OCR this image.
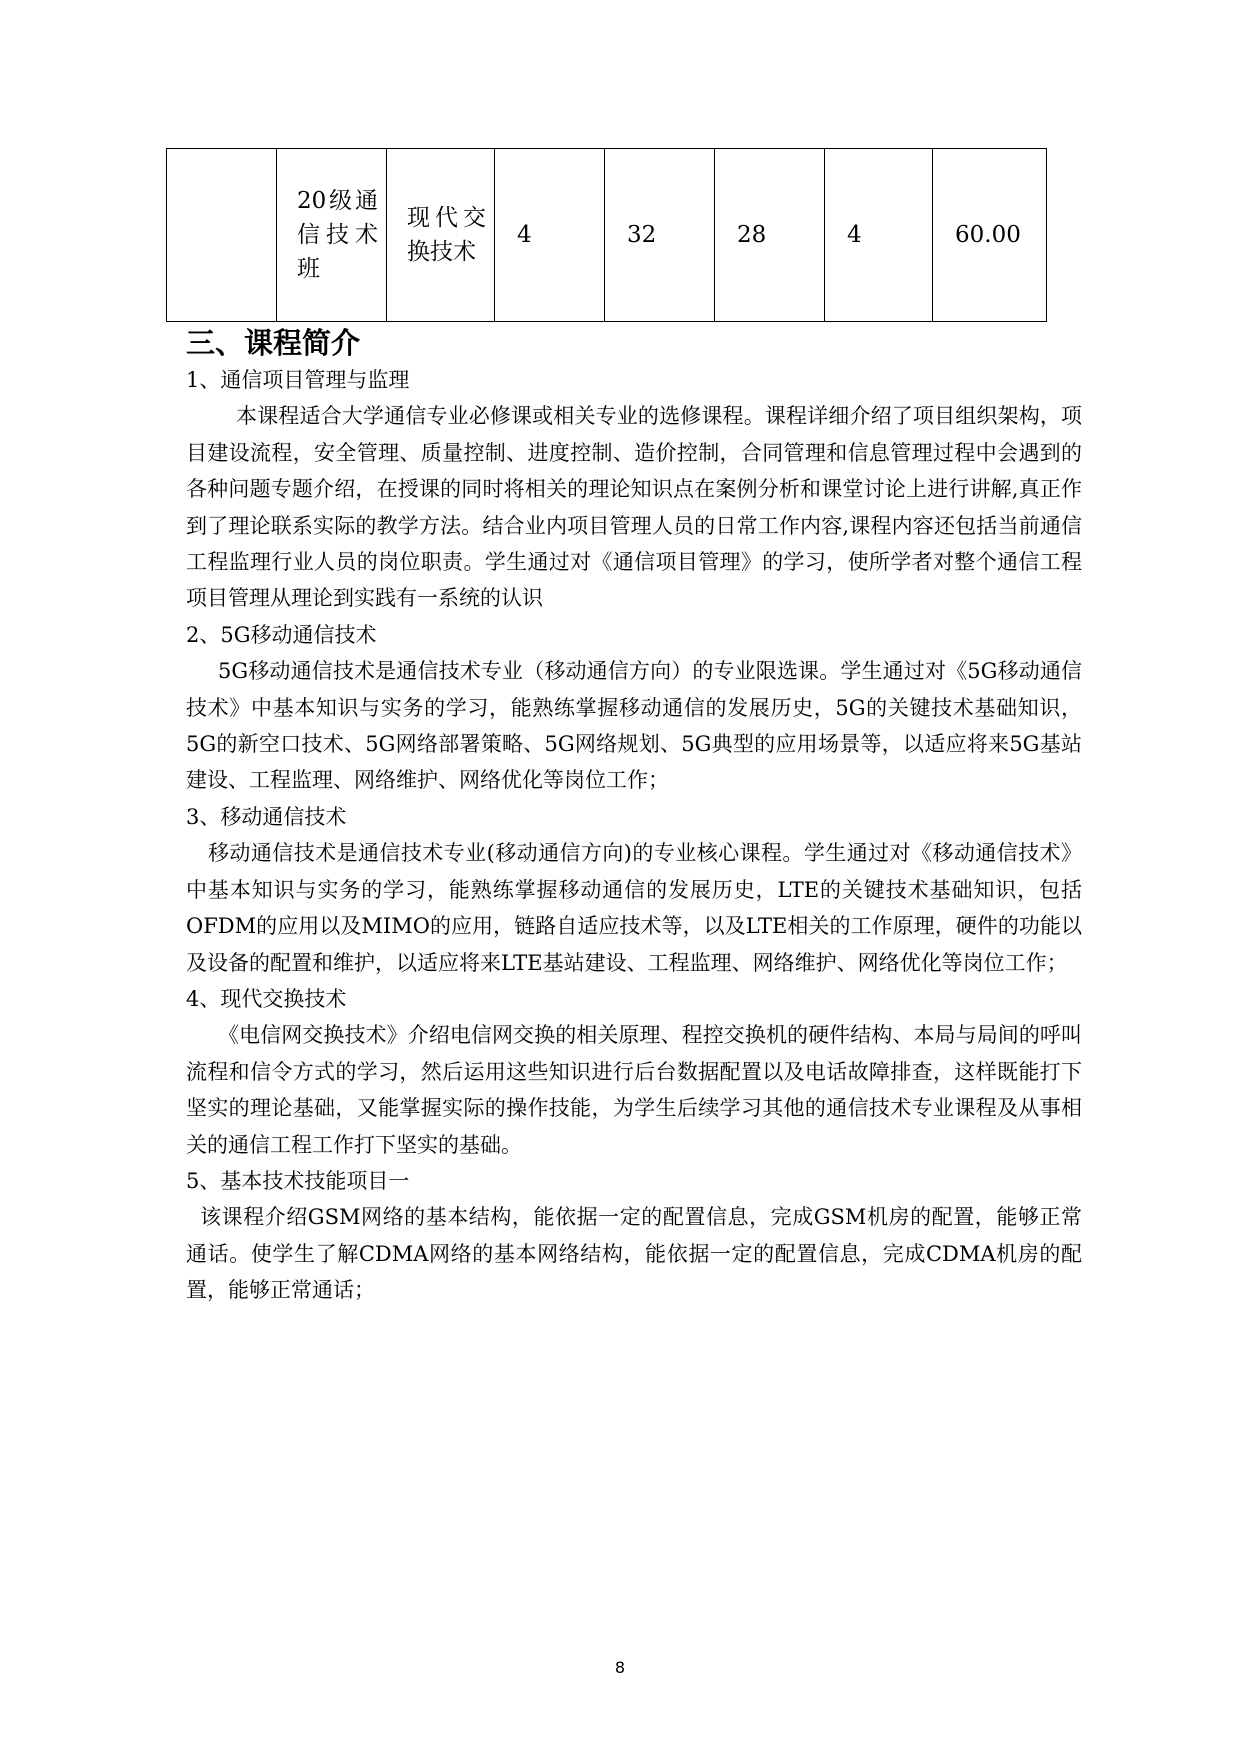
	20级通信技术班	现代交换技术	4	32	28	4	60.00
三、课程简介

1、通信项目管理与监理

本课程适合大学通信专业必修课或相关专业的选修课程。课程详细介绍了项目组织架构，项目建设流程，安全管理、质量控制、进度控制、造价控制，合同管理和信息管理过程中会遇到的各种问题专题介绍，在授课的同时将相关的理论知识点在案例分析和课堂讨论上进行讲解,真正作到了理论联系实际的教学方法。结合业内项目管理人员的日常工作内容,课程内容还包括当前通信工程监理行业人员的岗位职责。学生通过对《通信项目管理》的学习，使所学者对整个通信工程项目管理从理论到实践有一系统的认识

2、5G移动通信技术

5G移动通信技术是通信技术专业（移动通信方向）的专业限选课。学生通过对《5G移动通信技术》中基本知识与实务的学习，能熟练掌握移动通信的发展历史，5G的关键技术基础知识，5G的新空口技术、5G网络部署策略、5G网络规划、5G典型的应用场景等，以适应将来5G基站建设、工程监理、网络维护、网络优化等岗位工作；

3、移动通信技术

移动通信技术是通信技术专业(移动通信方向)的专业核心课程。学生通过对《移动通信技术》中基本知识与实务的学习，能熟练掌握移动通信的发展历史，LTE的关键技术基础知识，包括OFDM的应用以及MIMO的应用，链路自适应技术等，以及LTE相关的工作原理，硬件的功能以及设备的配置和维护，以适应将来LTE基站建设、工程监理、网络维护、网络优化等岗位工作；

4、现代交换技术

《电信网交换技术》介绍电信网交换的相关原理、程控交换机的硬件结构、本局与局间的呼叫流程和信令方式的学习，然后运用这些知识进行后台数据配置以及电话故障排查，这样既能打下坚实的理论基础，又能掌握实际的操作技能，为学生后续学习其他的通信技术专业课程及从事相关的通信工程工作打下坚实的基础。

5、基本技术技能项目一

该课程介绍GSM网络的基本结构，能依据一定的配置信息，完成GSM机房的配置，能够正常通话。使学生了解CDMA网络的基本网络结构，能依据一定的配置信息，完成CDMA机房的配置，能够正常通话；

8
